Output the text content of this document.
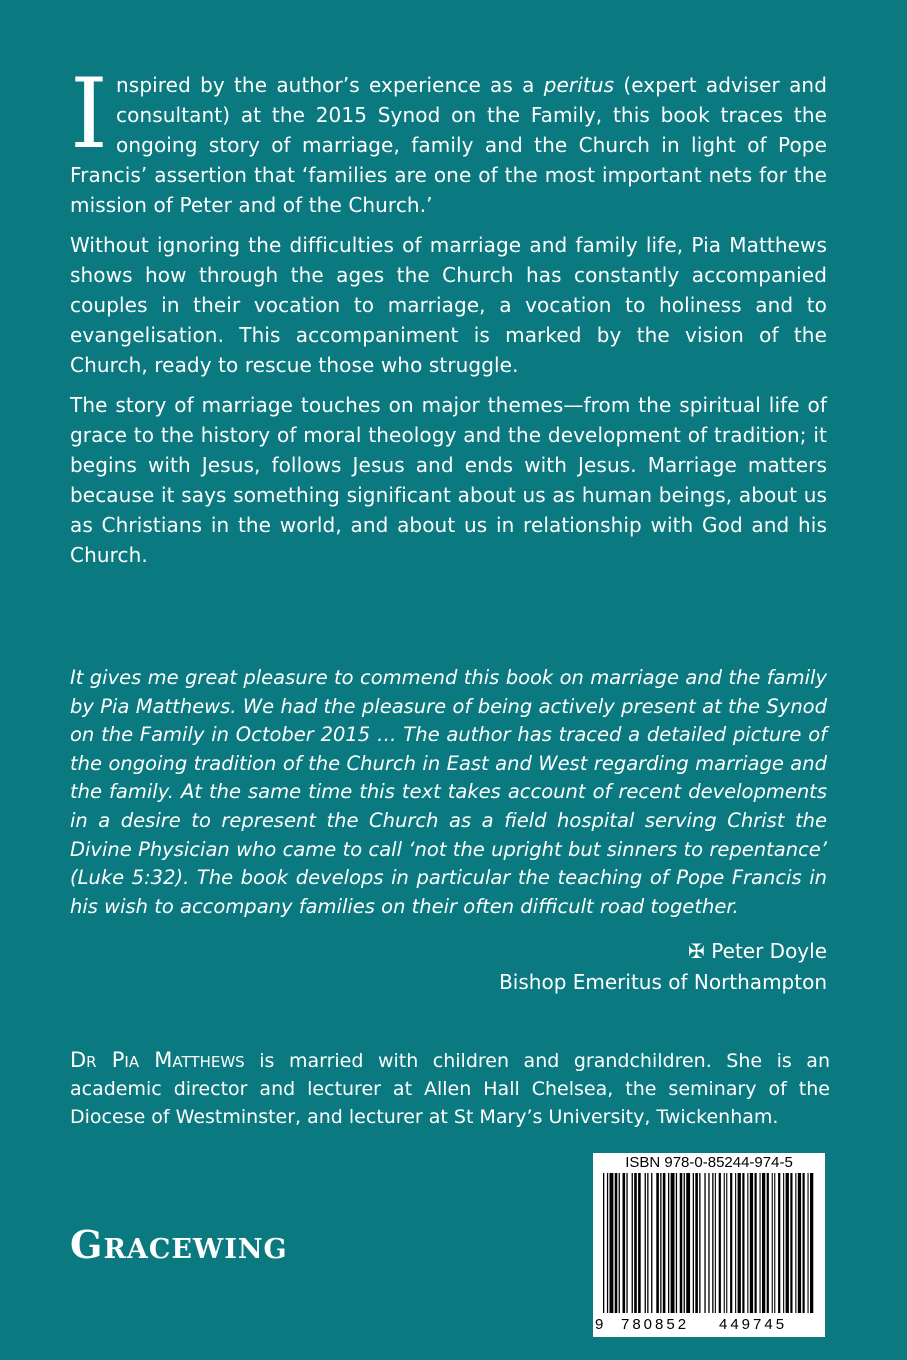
Inspired by the author’s experience as a peritus (expert adviser and consultant) at the 2015 Synod on the Family, this book traces the ongoing story of marriage, family and the Church in light of Pope Francis’ assertion that ‘families are one of the most important nets for the mission of Peter and of the Church.’

Without ignoring the difficulties of marriage and family life, Pia Matthews shows how through the ages the Church has constantly accompanied couples in their vocation to marriage, a vocation to holiness and to evangelisation. This accompaniment is marked by the vision of the Church, ready to rescue those who struggle.

The story of marriage touches on major themes—from the spiritual life of grace to the history of moral theology and the development of tradition; it begins with Jesus, follows Jesus and ends with Jesus. Marriage matters because it says something significant about us as human beings, about us as Christians in the world, and about us in relationship with God and his Church.

It gives me great pleasure to commend this book on marriage and the family by Pia Matthews. We had the pleasure of being actively present at the Synod on the Family in October 2015 … The author has traced a detailed picture of the ongoing tradition of the Church in East and West regarding marriage and the family. At the same time this text takes account of recent developments in a desire to represent the Church as a field hospital serving Christ the Divine Physician who came to call ‘not the upright but sinners to repentance’ (Luke 5:32). The book develops in particular the teaching of Pope Francis in his wish to accompany families on their often difficult road together.
✠ Peter Doyle
Bishop Emeritus of Northampton
Dr Pia Matthews is married with children and grandchildren. She is an academic director and lecturer at Allen Hall Chelsea, the seminary of the Diocese of Westminster, and lecturer at St Mary’s University, Twickenham.
Gracewing
ISBN 978-0-85244-974-5
9 780852 449745
